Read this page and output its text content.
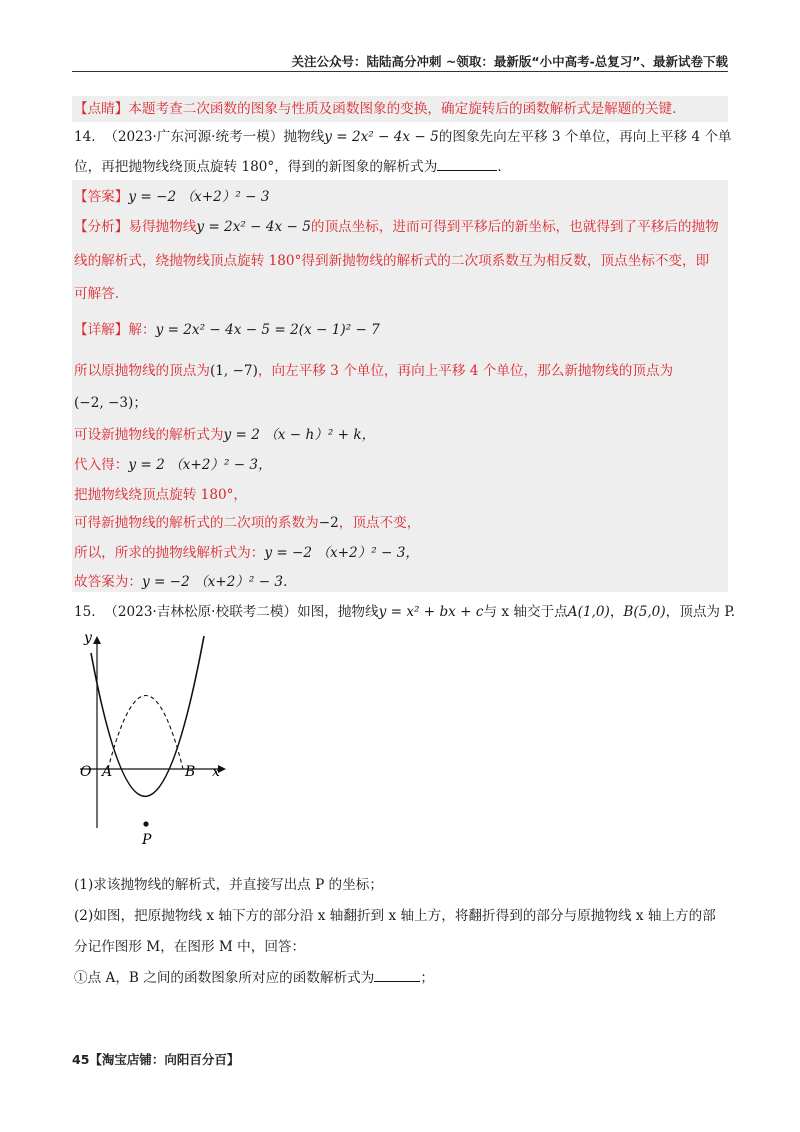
关注公众号：陆陆高分冲刺 ~领取：最新版“小中高考-总复习”、最新试卷下载
【点睛】本题考查二次函数的图象与性质及函数图象的变换，确定旋转后的函数解析式是解题的关键.
14. （2023·广东河源·统考一模）抛物线y = 2x² − 4x − 5的图象先向左平移 3 个单位，再向上平移 4 个单
位，再把抛物线绕顶点旋转 180°，得到的新图象的解析式为	.
【答案】y = −2 （x+2）² − 3
【分析】易得抛物线y = 2x² − 4x − 5的顶点坐标，进而可得到平移后的新坐标，也就得到了平移后的抛物
线的解析式，绕抛物线顶点旋转 180°得到新抛物线的解析式的二次项系数互为相反数，顶点坐标不变，即
可解答.
【详解】解：y = 2x² − 4x − 5 = 2(x − 1)² − 7
所以原抛物线的顶点为(1, −7)，向左平移 3 个单位，再向上平移 4 个单位，那么新抛物线的顶点为
(−2, −3)；
可设新抛物线的解析式为y = 2 （x − h）² + k，
代入得：y = 2 （x+2）² − 3，
把抛物线绕顶点旋转 180°，
可得新抛物线的解析式的二次项的系数为−2，顶点不变，
所以，所求的抛物线解析式为：y = −2 （x+2）² − 3，
故答案为：y = −2 （x+2）² − 3.
15. （2023·吉林松原·校联考二模）如图，抛物线y = x² + bx + c与 x 轴交于点A(1,0)，B(5,0)，顶点为 P.
y
x
O A	B
P
(1)求该抛物线的解析式，并直接写出点 P 的坐标；
(2)如图，把原抛物线 x 轴下方的部分沿 x 轴翻折到 x 轴上方，将翻折得到的部分与原抛物线 x 轴上方的部
分记作图形 M，在图形 M 中，回答：
①点 A，B 之间的函数图象所对应的函数解析式为	；
45【淘宝店铺：向阳百分百】
